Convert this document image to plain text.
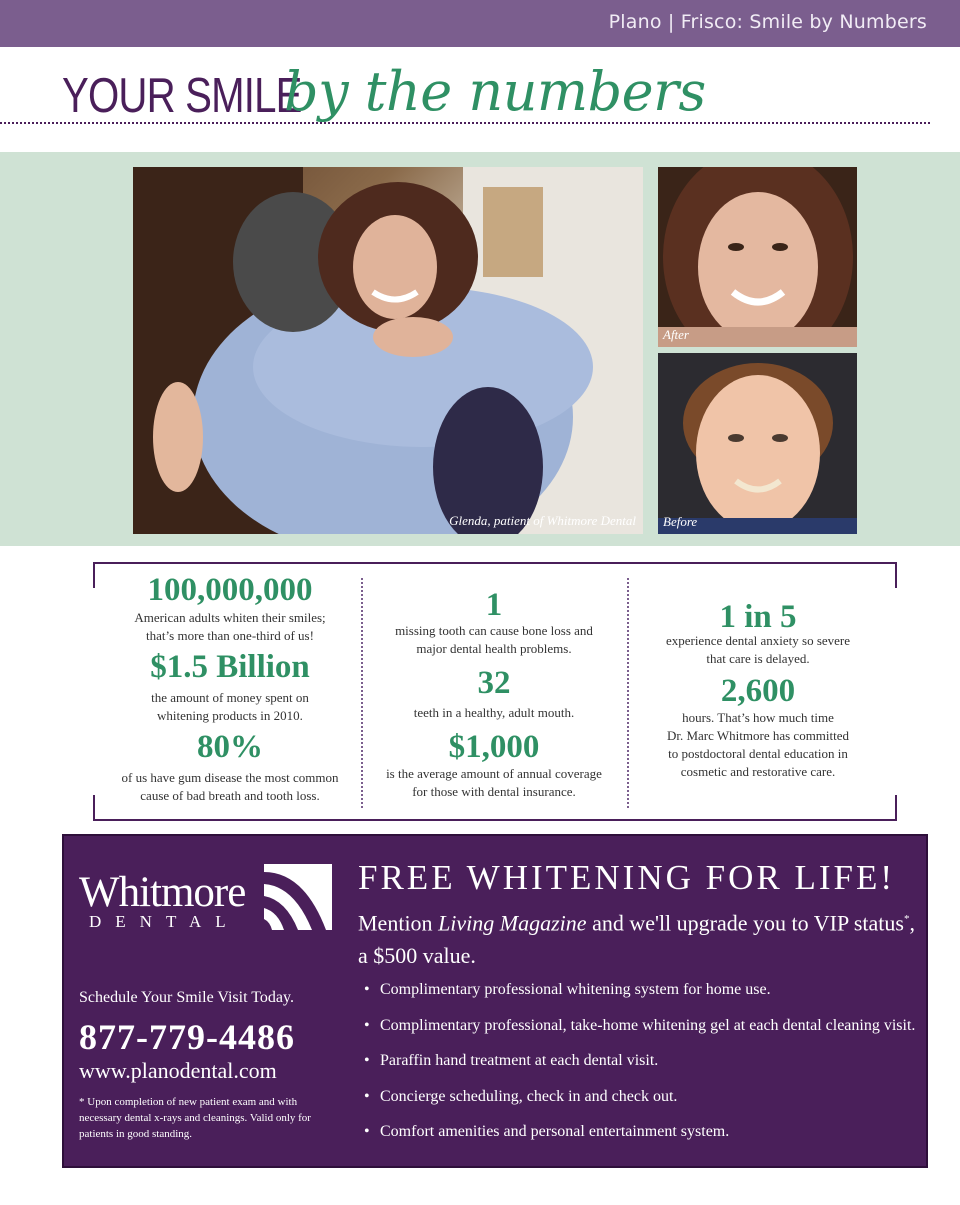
Plano | Frisco: Smile by Numbers
YOUR SMILE
by the numbers
Glenda, patient of Whitmore Dental
After
Before
100,000,000
American adults whiten their smiles;
that’s more than one-third of us!
$1.5 Billion
the amount of money spent on
whitening products in 2010.
80%
of us have gum disease the most common
cause of bad breath and tooth loss.
1
missing tooth can cause bone loss and
major dental health problems.
32
teeth in a healthy, adult mouth.
$1,000
is the average amount of annual coverage
for those with dental insurance.
1 in 5
experience dental anxiety so severe
that care is delayed.
2,600
hours. That’s how much time
Dr. Marc Whitmore has committed
to postdoctoral dental education in
cosmetic and restorative care.
Whitmore
DENTAL
Schedule Your Smile Visit Today.
877-779-4486
www.planodental.com
* Upon completion of new patient exam and with necessary dental x-rays and cleanings. Valid only for patients in good standing.
FREE WHITENING FOR LIFE!
Mention Living Magazine and we'll upgrade you to VIP status*, a $500 value.
• Complimentary professional whitening system for home use.
• Complimentary professional, take-home whitening gel at each dental cleaning visit.
• Paraffin hand treatment at each dental visit.
• Concierge scheduling, check in and check out.
• Comfort amenities and personal entertainment system.
